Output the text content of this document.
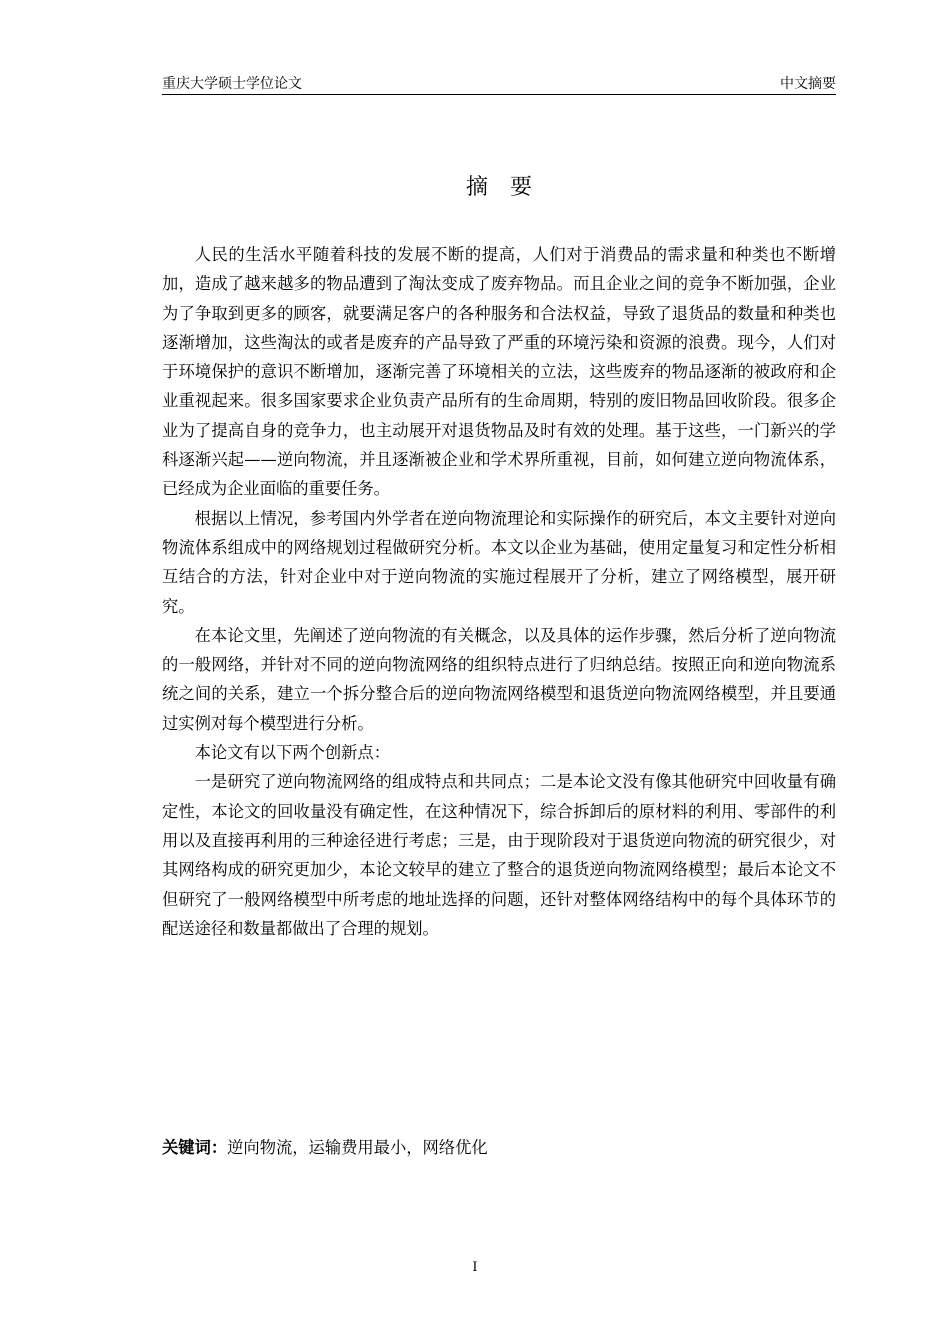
重庆大学硕士学位论文	中文摘要
摘要

人民的生活水平随着科技的发展不断的提高，人们对于消费品的需求量和种类也不断增加，造成了越来越多的物品遭到了淘汰变成了废弃物品。而且企业之间的竞争不断加强，企业为了争取到更多的顾客，就要满足客户的各种服务和合法权益，导致了退货品的数量和种类也逐渐增加，这些淘汰的或者是废弃的产品导致了严重的环境污染和资源的浪费。现今，人们对于环境保护的意识不断增加，逐渐完善了环境相关的立法，这些废弃的物品逐渐的被政府和企业重视起来。很多国家要求企业负责产品所有的生命周期，特别的废旧物品回收阶段。很多企业为了提高自身的竞争力，也主动展开对退货物品及时有效的处理。基于这些，一门新兴的学科逐渐兴起——逆向物流，并且逐渐被企业和学术界所重视，目前，如何建立逆向物流体系，已经成为企业面临的重要任务。

根据以上情况，参考国内外学者在逆向物流理论和实际操作的研究后，本文主要针对逆向物流体系组成中的网络规划过程做研究分析。本文以企业为基础，使用定量复习和定性分析相互结合的方法，针对企业中对于逆向物流的实施过程展开了分析，建立了网络模型，展开研究。

在本论文里，先阐述了逆向物流的有关概念，以及具体的运作步骤，然后分析了逆向物流的一般网络，并针对不同的逆向物流网络的组织特点进行了归纳总结。按照正向和逆向物流系统之间的关系，建立一个拆分整合后的逆向物流网络模型和退货逆向物流网络模型，并且要通过实例对每个模型进行分析。

本论文有以下两个创新点：

一是研究了逆向物流网络的组成特点和共同点；二是本论文没有像其他研究中回收量有确定性，本论文的回收量没有确定性，在这种情况下，综合拆卸后的原材料的利用、零部件的利用以及直接再利用的三种途径进行考虑；三是，由于现阶段对于退货逆向物流的研究很少，对其网络构成的研究更加少，本论文较早的建立了整合的退货逆向物流网络模型；最后本论文不但研究了一般网络模型中所考虑的地址选择的问题，还针对整体网络结构中的每个具体环节的配送途径和数量都做出了合理的规划。

关键词：逆向物流，运输费用最小，网络优化
I
